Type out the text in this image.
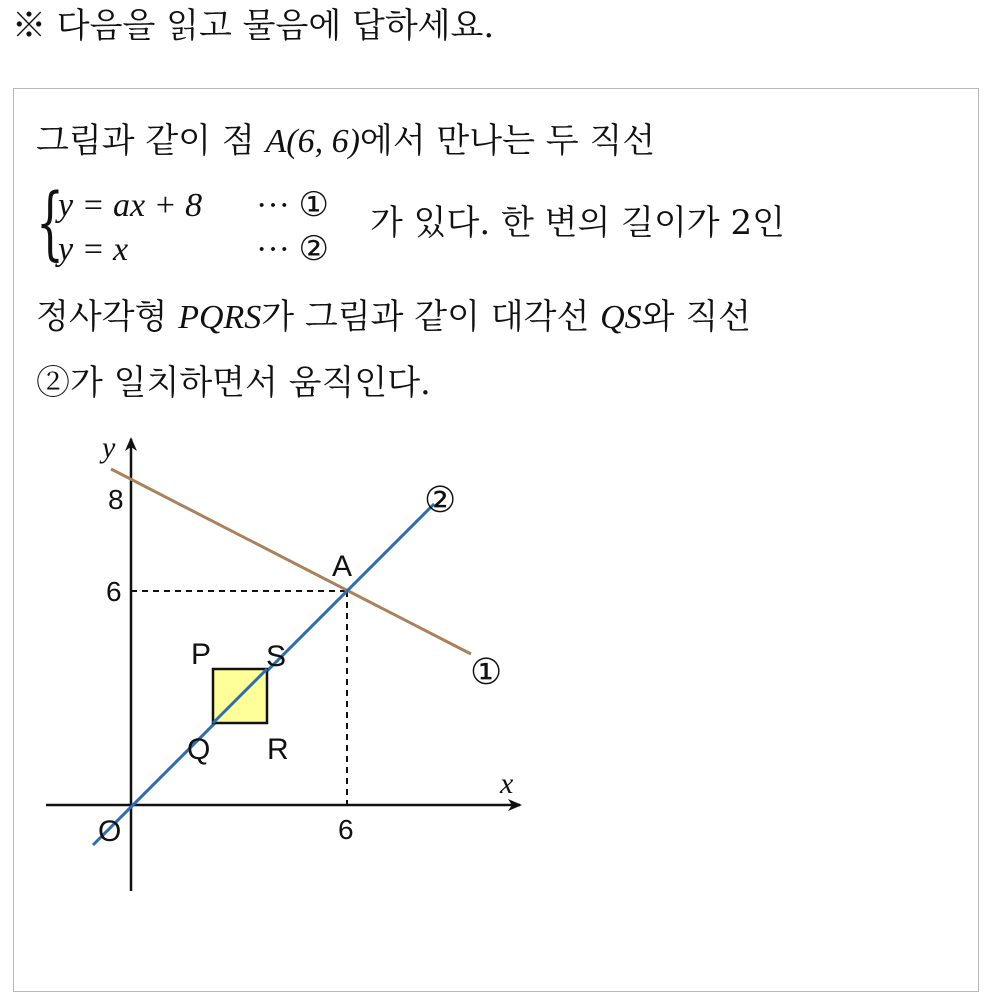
※ 다음을 읽고 물음에 답하세요.
그림과 같이 점 A(6, 6)에서 만나는 두 직선
{
y = ax + 8 ··· ①
y = x	··· ②
가 있다. 한 변의 길이가 2인
정사각형 PQRS가 그림과 같이 대각선 QS와 직선
②가 일치하면서 움직인다.
y
x
O
8
6
6
A
P S
Q R
①
②
